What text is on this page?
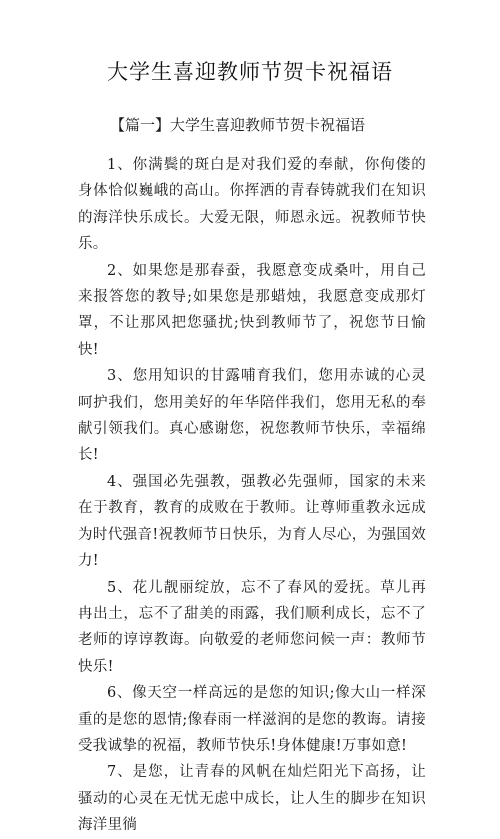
大学生喜迎教师节贺卡祝福语

【篇一】大学生喜迎教师节贺卡祝福语

1、你满鬓的斑白是对我们爱的奉献，你佝偻的身体恰似巍峨的高山。你挥洒的青春铸就我们在知识的海洋快乐成长。大爱无限，师恩永远。祝教师节快乐。

2、如果您是那春蚕，我愿意变成桑叶，用自己来报答您的教导;如果您是那蜡烛，我愿意变成那灯罩，不让那风把您骚扰;快到教师节了，祝您节日愉快!

3、您用知识的甘露哺育我们，您用赤诚的心灵呵护我们，您用美好的年华陪伴我们，您用无私的奉献引领我们。真心感谢您，祝您教师节快乐，幸福绵长!

4、强国必先强教，强教必先强师，国家的未来在于教育，教育的成败在于教师。让尊师重教永远成为时代强音!祝教师节日快乐，为育人尽心，为强国效力!

5、花儿靓丽绽放，忘不了春风的爱抚。草儿再冉出土，忘不了甜美的雨露，我们顺利成长，忘不了老师的谆谆教诲。向敬爱的老师您问候一声：教师节快乐!

6、像天空一样高远的是您的知识;像大山一样深重的是您的恩情;像春雨一样滋润的是您的教诲。请接受我诚挚的祝福，教师节快乐!身体健康!万事如意!

7、是您，让青春的风帆在灿烂阳光下高扬，让骚动的心灵在无忧无虑中成长，让人生的脚步在知识海洋里徜
